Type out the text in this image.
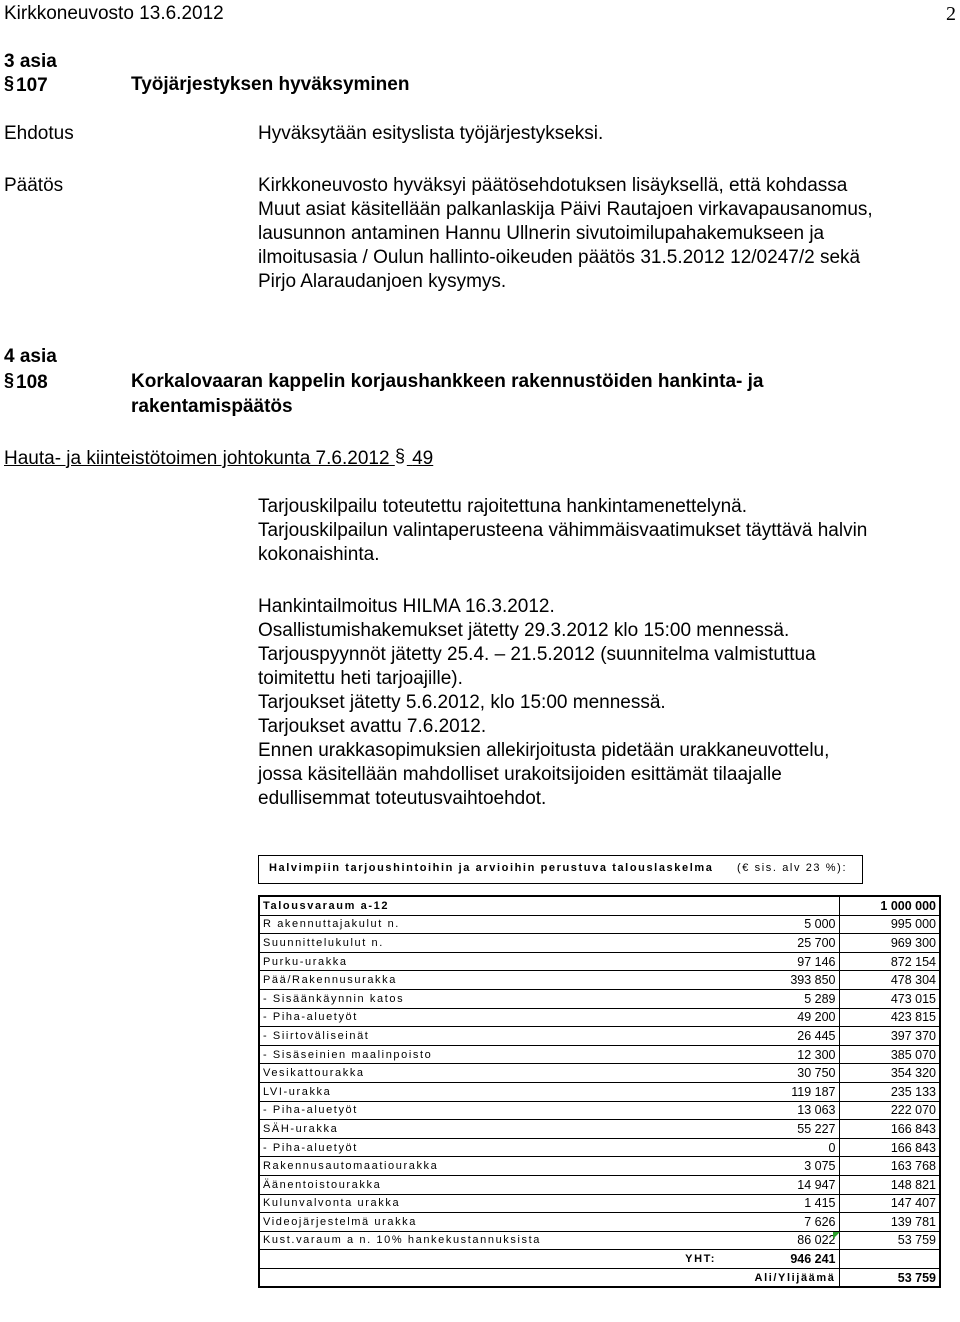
Kirkkoneuvosto 13.6.2012	2
3 asia
§ 107	Työjärjestyksen hyväksyminen
Ehdotus	Hyväksytään esityslista työjärjestykseksi.
Päätös	Kirkkoneuvosto hyväksyi päätösehdotuksen lisäyksellä, että kohdassa
Muut asiat käsitellään palkanlaskija Päivi Rautajoen virkavapausanomus,
lausunnon antaminen Hannu Ullnerin sivutoimilupahakemukseen ja
ilmoitusasia / Oulun hallinto-oikeuden päätös 31.5.2012 12/0247/2 sekä
Pirjo Alaraudanjoen kysymys.
4 asia
§ 108	Korkalovaaran kappelin korjaushankkeen rakennustöiden hankinta- ja
rakentamispäätös
Hauta- ja kiinteistötoimen johtokunta 7.6.2012 § 49
Tarjouskilpailu toteutettu rajoitettuna hankintamenettelynä.
Tarjouskilpailun valintaperusteena vähimmäisvaatimukset täyttävä halvin
kokonaishinta.
Hankintailmoitus HILMA 16.3.2012.
Osallistumishakemukset jätetty 29.3.2012 klo 15:00 mennessä.
Tarjouspyynnöt jätetty 25.4. – 21.5.2012 (suunnitelma valmistuttua
toimitettu heti tarjoajille).
Tarjoukset jätetty 5.6.2012, klo 15:00 mennessä.
Tarjoukset avattu 7.6.2012.
Ennen urakkasopimuksien allekirjoitusta pidetään urakkaneuvottelu,
jossa käsitellään mahdolliset urakoitsijoiden esittämät tilaajalle
edullisemmat toteutusvaihtoehdot.
Halvimpiin tarjoushintoihin ja arvioihin perustuva talouslaskelma (€ sis. alv 23 %):
Talousvaraum a-12		1 000 000
R akennuttajakulut n.	5 000	995 000
Suunnittelukulut n.	25 700	969 300
Purku-urakka	97 146	872 154
Pää/Rakennusurakka	393 850	478 304
- Sisäänkäynnin katos	5 289	473 015
- Piha-aluetyöt	49 200	423 815
- Siirtoväliseinät	26 445	397 370
- Sisäseinien maalinpoisto	12 300	385 070
Vesikattourakka	30 750	354 320
LVI-urakka	119 187	235 133
- Piha-aluetyöt	13 063	222 070
SÄH-urakka	55 227	166 843
- Piha-aluetyöt	0	166 843
Rakennusautomaatiourakka	3 075	163 768
Äänentoistourakka	14 947	148 821
Kulunvalvonta urakka	1 415	147 407
Videojärjestelmä urakka	7 626	139 781
Kust.varaum a n. 10% hankekustannuksista	86 022	53 759
YHT:	946 241	
	Ali/Ylijäämä	53 759
